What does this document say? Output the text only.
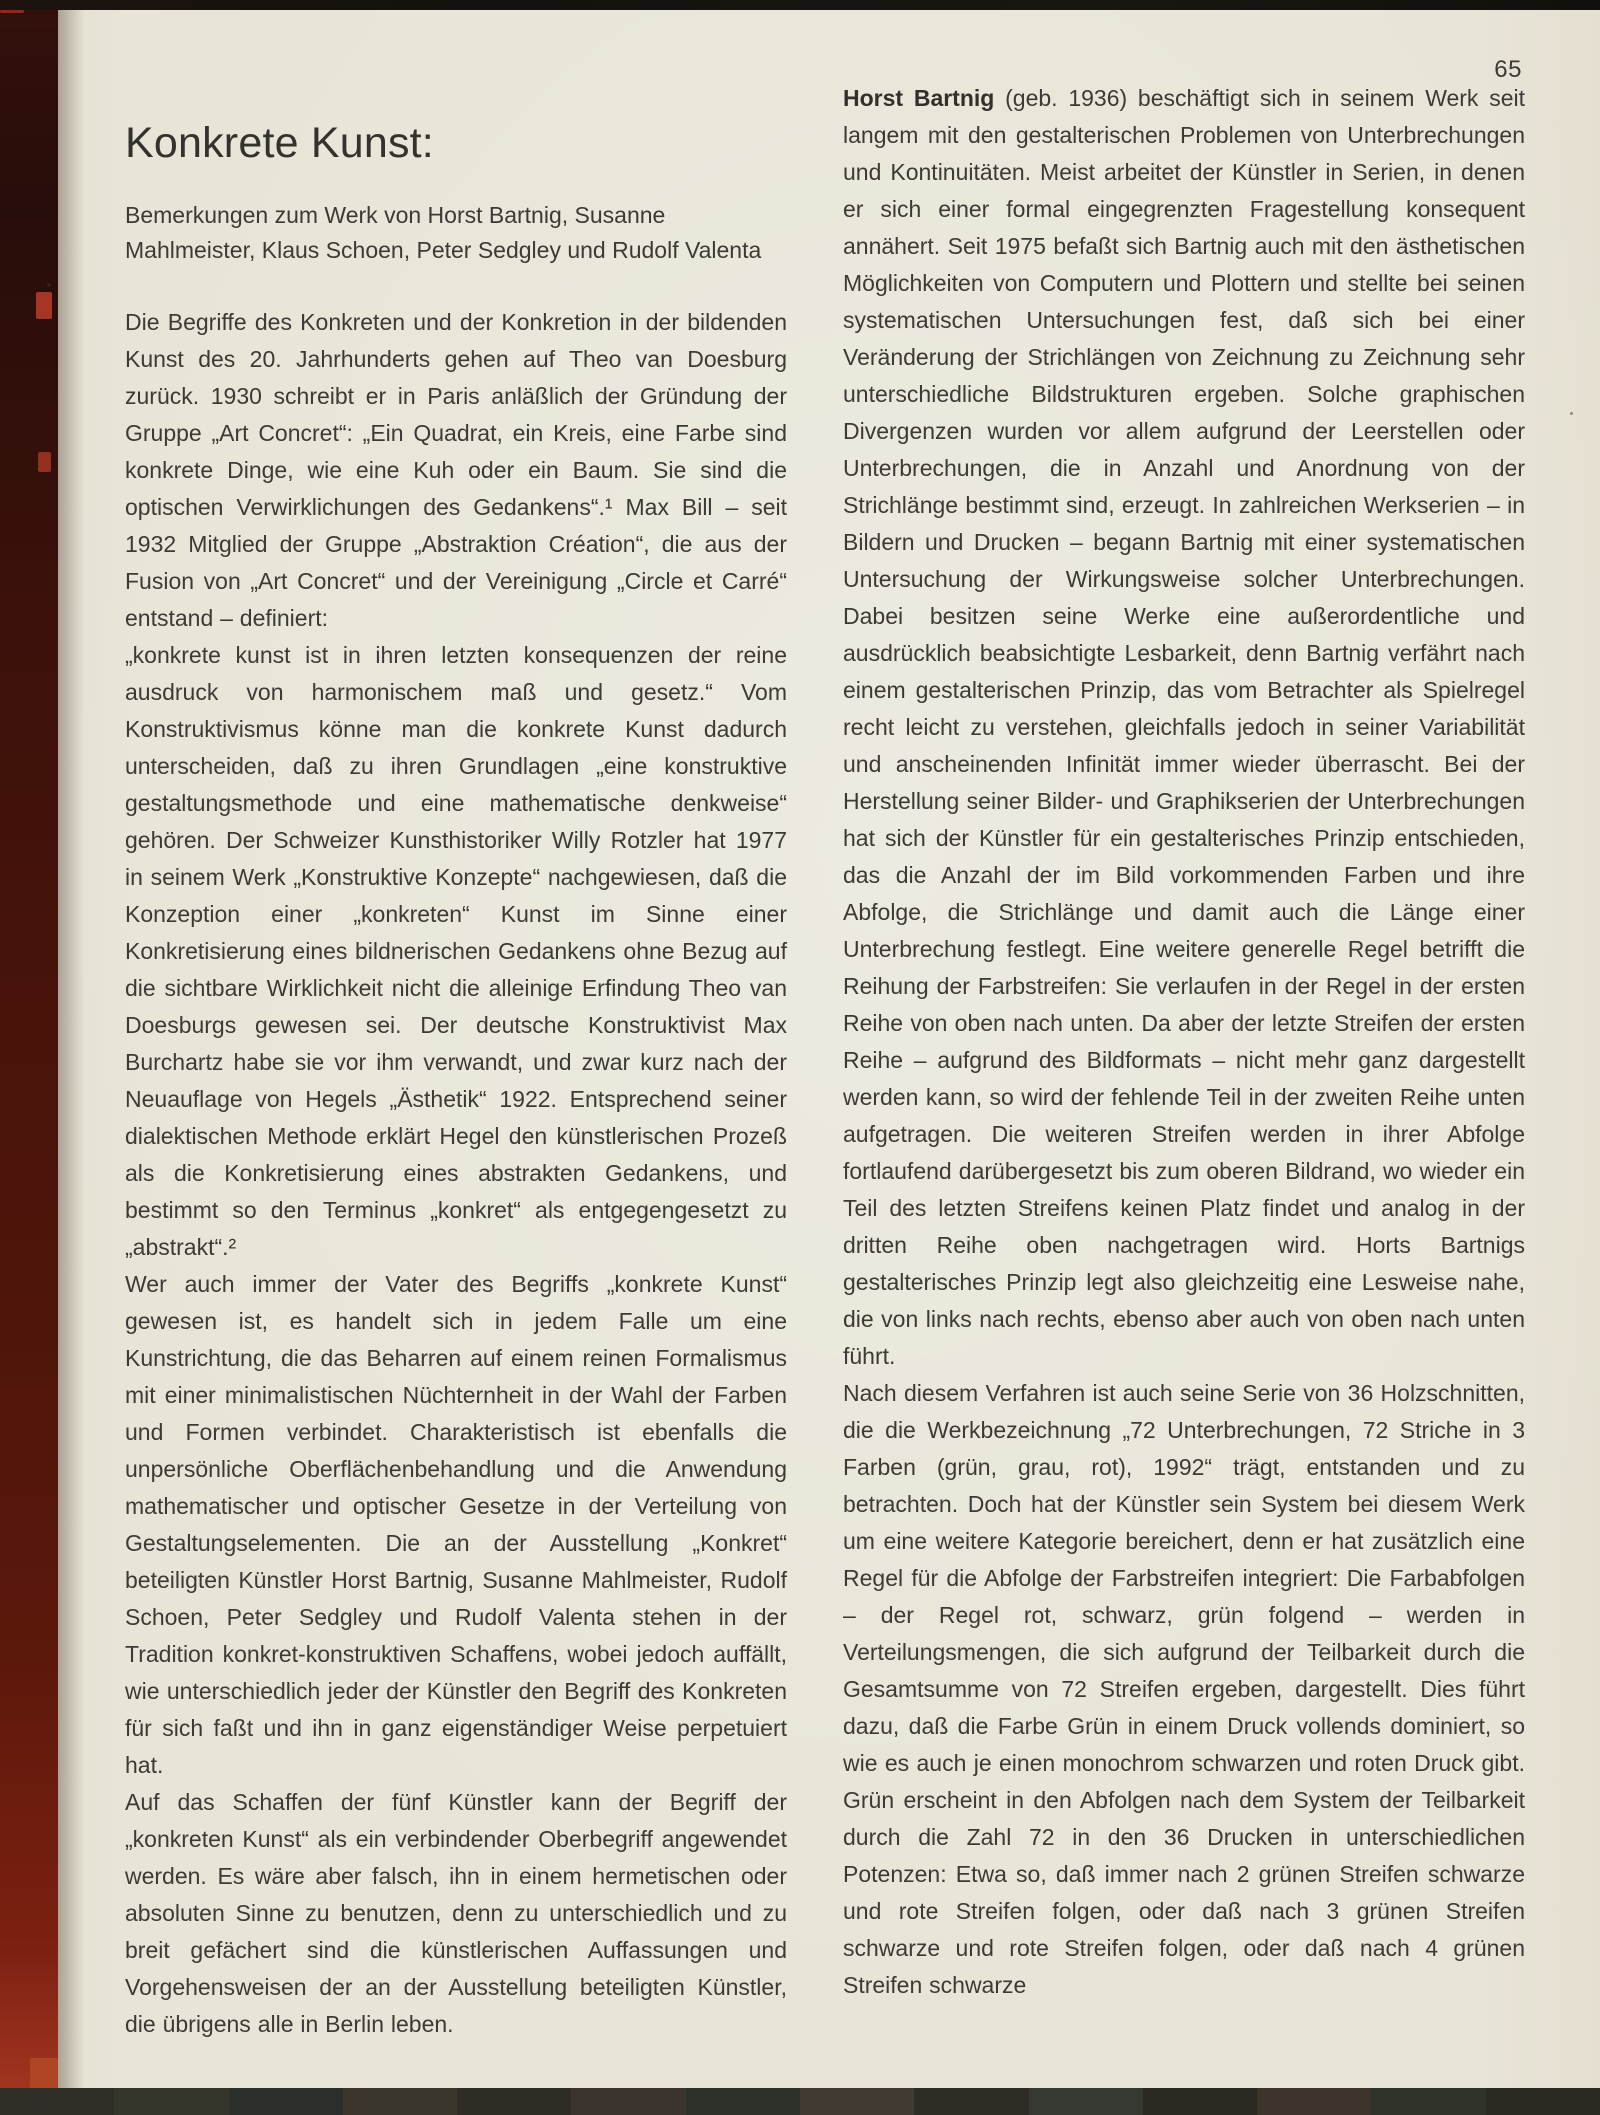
65
Konkrete Kunst:

Bemerkungen zum Werk von Horst Bartnig, Susanne Mahlmeister, Klaus Schoen, Peter Sedgley und Rudolf Valenta

Die Begriffe des Konkreten und der Konkretion in der bildenden Kunst des 20. Jahrhunderts gehen auf Theo van Doesburg zurück. 1930 schreibt er in Paris anläßlich der Gründung der Gruppe „Art Concret“: „Ein Quadrat, ein Kreis, eine Farbe sind konkrete Dinge, wie eine Kuh oder ein Baum. Sie sind die optischen Verwirklichungen des Gedankens“.¹ Max Bill – seit 1932 Mitglied der Gruppe „Abstraktion Création“, die aus der Fusion von „Art Concret“ und der Vereinigung „Circle et Carré“ entstand – definiert:

„konkrete kunst ist in ihren letzten konsequenzen der reine ausdruck von harmonischem maß und gesetz.“ Vom Konstruktivismus könne man die konkrete Kunst dadurch unterscheiden, daß zu ihren Grundlagen „eine konstruktive gestaltungsmethode und eine mathematische denkweise“ gehören. Der Schweizer Kunsthistoriker Willy Rotzler hat 1977 in seinem Werk „Konstruktive Konzepte“ nachgewiesen, daß die Konzeption einer „konkreten“ Kunst im Sinne einer Konkretisierung eines bildnerischen Gedankens ohne Bezug auf die sichtbare Wirklichkeit nicht die alleinige Erfindung Theo van Doesburgs gewesen sei. Der deutsche Konstruktivist Max Burchartz habe sie vor ihm verwandt, und zwar kurz nach der Neuauflage von Hegels „Ästhetik“ 1922. Entsprechend seiner dialektischen Methode erklärt Hegel den künstlerischen Prozeß als die Konkretisierung eines abstrakten Gedankens, und bestimmt so den Terminus „konkret“ als entgegengesetzt zu „abstrakt“.²

Wer auch immer der Vater des Begriffs „konkrete Kunst“ gewesen ist, es handelt sich in jedem Falle um eine Kunstrichtung, die das Beharren auf einem reinen Formalismus mit einer minimalistischen Nüchternheit in der Wahl der Farben und Formen verbindet. Charakteristisch ist ebenfalls die unpersönliche Oberflächenbehandlung und die Anwendung mathematischer und optischer Gesetze in der Verteilung von Gestaltungselementen. Die an der Ausstellung „Konkret“ beteiligten Künstler Horst Bartnig, Susanne Mahlmeister, Rudolf Schoen, Peter Sedgley und Rudolf Valenta stehen in der Tradition konkret-konstruktiven Schaffens, wobei jedoch auffällt, wie unterschiedlich jeder der Künstler den Begriff des Konkreten für sich faßt und ihn in ganz eigenständiger Weise perpetuiert hat.

Auf das Schaffen der fünf Künstler kann der Begriff der „konkreten Kunst“ als ein verbindender Oberbegriff angewendet werden. Es wäre aber falsch, ihn in einem hermetischen oder absoluten Sinne zu benutzen, denn zu unterschiedlich und zu breit gefächert sind die künstlerischen Auffassungen und Vorgehensweisen der an der Ausstellung beteiligten Künstler, die übrigens alle in Berlin leben.

Horst Bartnig (geb. 1936) beschäftigt sich in seinem Werk seit langem mit den gestalterischen Problemen von Unterbrechungen und Kontinuitäten. Meist arbeitet der Künstler in Serien, in denen er sich einer formal eingegrenzten Fragestellung konsequent annähert. Seit 1975 befaßt sich Bartnig auch mit den ästhetischen Möglichkeiten von Computern und Plottern und stellte bei seinen systematischen Untersuchungen fest, daß sich bei einer Veränderung der Strichlängen von Zeichnung zu Zeichnung sehr unterschiedliche Bildstrukturen ergeben. Solche graphischen Divergenzen wurden vor allem aufgrund der Leerstellen oder Unterbrechungen, die in Anzahl und Anordnung von der Strichlänge bestimmt sind, erzeugt. In zahlreichen Werkserien – in Bildern und Drucken – begann Bartnig mit einer systematischen Untersuchung der Wirkungsweise solcher Unterbrechungen. Dabei besitzen seine Werke eine außerordentliche und ausdrücklich beabsichtigte Lesbarkeit, denn Bartnig verfährt nach einem gestalterischen Prinzip, das vom Betrachter als Spielregel recht leicht zu verstehen, gleichfalls jedoch in seiner Variabilität und anscheinenden Infinität immer wieder überrascht. Bei der Herstellung seiner Bilder- und Graphikserien der Unterbrechungen hat sich der Künstler für ein gestalterisches Prinzip entschieden, das die Anzahl der im Bild vorkommenden Farben und ihre Abfolge, die Strichlänge und damit auch die Länge einer Unterbrechung festlegt. Eine weitere generelle Regel betrifft die Reihung der Farbstreifen: Sie verlaufen in der Regel in der ersten Reihe von oben nach unten. Da aber der letzte Streifen der ersten Reihe – aufgrund des Bildformats – nicht mehr ganz dargestellt werden kann, so wird der fehlende Teil in der zweiten Reihe unten aufgetragen. Die weiteren Streifen werden in ihrer Abfolge fortlaufend darübergesetzt bis zum oberen Bildrand, wo wieder ein Teil des letzten Streifens keinen Platz findet und analog in der dritten Reihe oben nachgetragen wird. Horts Bartnigs gestalterisches Prinzip legt also gleichzeitig eine Lesweise nahe, die von links nach rechts, ebenso aber auch von oben nach unten führt.

Nach diesem Verfahren ist auch seine Serie von 36 Holzschnitten, die die Werkbezeichnung „72 Unterbrechungen, 72 Striche in 3 Farben (grün, grau, rot), 1992“ trägt, entstanden und zu betrachten. Doch hat der Künstler sein System bei diesem Werk um eine weitere Kategorie bereichert, denn er hat zusätzlich eine Regel für die Abfolge der Farbstreifen integriert: Die Farbabfolgen – der Regel rot, schwarz, grün folgend – werden in Verteilungsmengen, die sich aufgrund der Teilbarkeit durch die Gesamtsumme von 72 Streifen ergeben, dargestellt. Dies führt dazu, daß die Farbe Grün in einem Druck vollends dominiert, so wie es auch je einen monochrom schwarzen und roten Druck gibt. Grün erscheint in den Abfolgen nach dem System der Teilbarkeit durch die Zahl 72 in den 36 Drucken in unterschiedlichen Potenzen: Etwa so, daß immer nach 2 grünen Streifen schwarze und rote Streifen folgen, oder daß nach 3 grünen Streifen schwarze und rote Streifen folgen, oder daß nach 4 grünen Streifen schwarze
